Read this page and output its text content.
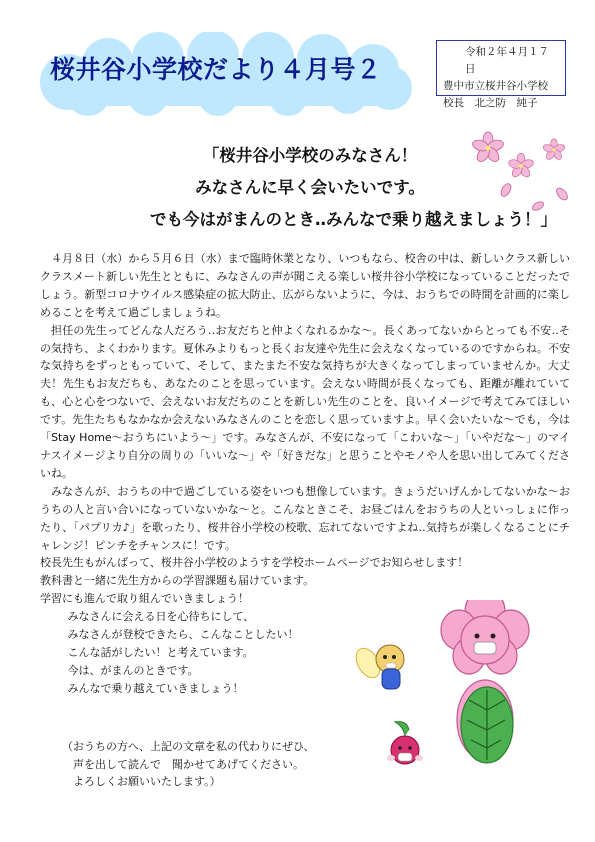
桜井谷小学校だより４月号２
令和２年４月１７日
豊中市立桜井谷小学校
校長　北之防　純子
「桜井谷小学校のみなさん！
みなさんに早く会いたいです。
でも今はがまんのとき‥みんなで乗り越えましょう！」

４月８日（水）から５月６日（水）まで臨時休業となり、いつもなら、校舎の中は、新しいクラス新しいクラスメート新しい先生とともに、みなさんの声が聞こえる楽しい桜井谷小学校になっていることだったでしょう。新型コロナウイルス感染症の拡大防止、広がらないように、今は、おうちでの時間を計画的に楽しめることを考えて過ごしましょうね。

担任の先生ってどんな人だろう‥お友だちと仲よくなれるかな〜。長くあってないからとっても不安‥その気持ち、よくわかります。夏休みよりもっと長くお友達や先生に会えなくなっているのですからね。不安な気持ちをずっともっていて、そして、またまた不安な気持ちが大きくなってしまっていませんか。大丈夫！先生もお友だちも、あなたのことを思っています。会えない時間が長くなっても、距離が離れていても、心と心をつないで、会えないお友だちのことを新しい先生のことを、良いイメージで考えてみてほしいです。先生たちもなかなか会えないみなさんのことを恋しく思っていますよ。早く会いたいな〜でも，今は「Stay Home〜おうちにいよう〜」です。みなさんが、不安になって「こわいな〜」「いやだな〜」のマイナスイメージより自分の周りの「いいな〜」や「好きだな」と思うことやモノや人を思い出してみてくださいね。

みなさんが、おうちの中で過ごしている姿をいつも想像しています。きょうだいげんかしてないかな〜おうちの人と言い合いになっていないかな〜と。こんなときこそ、お昼ごはんをおうちの人といっしょに作ったり、「パプリカ♪」を歌ったり、桜井谷小学校の校歌、忘れてないですよね‥気持ちが楽しくなることにチャレンジ！ピンチをチャンスに！です。

校長先生もがんばって、桜井谷小学校のようすを学校ホームページでお知らせします！

教科書と一緒に先生方からの学習課題も届けています。

学習にも進んで取り組んでいきましょう！

みなさんに会える日を心待ちにして、

みなさんが登校できたら、こんなことしたい！

こんな話がしたい！と考えています。

今は、がまんのときです。

みんなで乗り越えていきましょう！

（おうちの方へ、上記の文章を私の代わりにぜひ、

声を出して読んで　聞かせてあげてください。

よろしくお願いいたします。）
